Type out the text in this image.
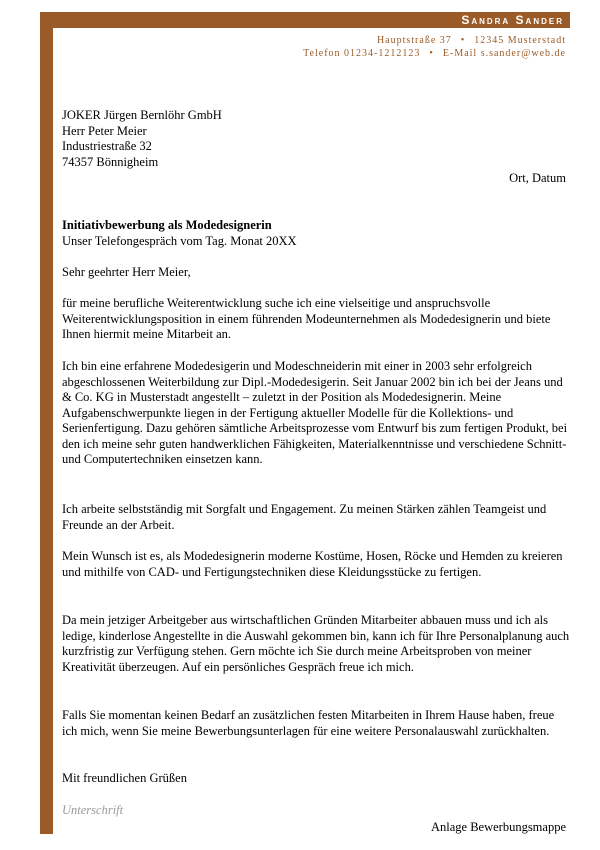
Sandra Sander
Hauptstraße 37 • 12345 Musterstadt
Telefon 01234-1212123 • E-Mail s.sander@web.de
JOKER Jürgen Bernlöhr GmbH
Herr Peter Meier
Industriestraße 32
74357 Bönnigheim
Ort, Datum
Initiativbewerbung als Modedesignerin
Unser Telefongespräch vom Tag. Monat 20XX
Sehr geehrter Herr Meier,

für meine berufliche Weiterentwicklung suche ich eine vielseitige und anspruchsvolle Weiterentwicklungsposition in einem führenden Modeunternehmen als Modedesignerin und biete Ihnen hiermit meine Mitarbeit an.

Ich bin eine erfahrene Modedesigerin und Modeschneiderin mit einer in 2003 sehr erfolgreich abgeschlossenen Weiterbildung zur Dipl.-Modedesigerin. Seit Januar 2002 bin ich bei der Jeans und & Co. KG in Musterstadt angestellt – zuletzt in der Position als Modedesignerin. Meine Aufgabenschwerpunkte liegen in der Fertigung aktueller Modelle für die Kollektions- und Serienfertigung. Dazu gehören sämtliche Arbeitsprozesse vom Entwurf bis zum fertigen Produkt, bei den ich meine sehr guten handwerklichen Fähigkeiten, Materialkenntnisse und verschiedene Schnitt- und Computertechniken einsetzen kann.

Ich arbeite selbstständig mit Sorgfalt und Engagement. Zu meinen Stärken zählen Teamgeist und Freunde an der Arbeit.

Mein Wunsch ist es, als Modedesignerin moderne Kostüme, Hosen, Röcke und Hemden zu kreieren und mithilfe von CAD- und Fertigungstechniken diese Kleidungsstücke zu fertigen.

Da mein jetziger Arbeitgeber aus wirtschaftlichen Gründen Mitarbeiter abbauen muss und ich als ledige, kinderlose Angestellte in die Auswahl gekommen bin, kann ich für Ihre Personalplanung auch kurzfristig zur Verfügung stehen. Gern möchte ich Sie durch meine Arbeitsproben von meiner Kreativität überzeugen. Auf ein persönliches Gespräch freue ich mich.

Falls Sie momentan keinen Bedarf an zusätzlichen festen Mitarbeiten in Ihrem Hause haben, freue ich mich, wenn Sie meine Bewerbungsunterlagen für eine weitere Personalauswahl zurückhalten.

Mit freundlichen Grüßen
Unterschrift
Anlage Bewerbungsmappe
